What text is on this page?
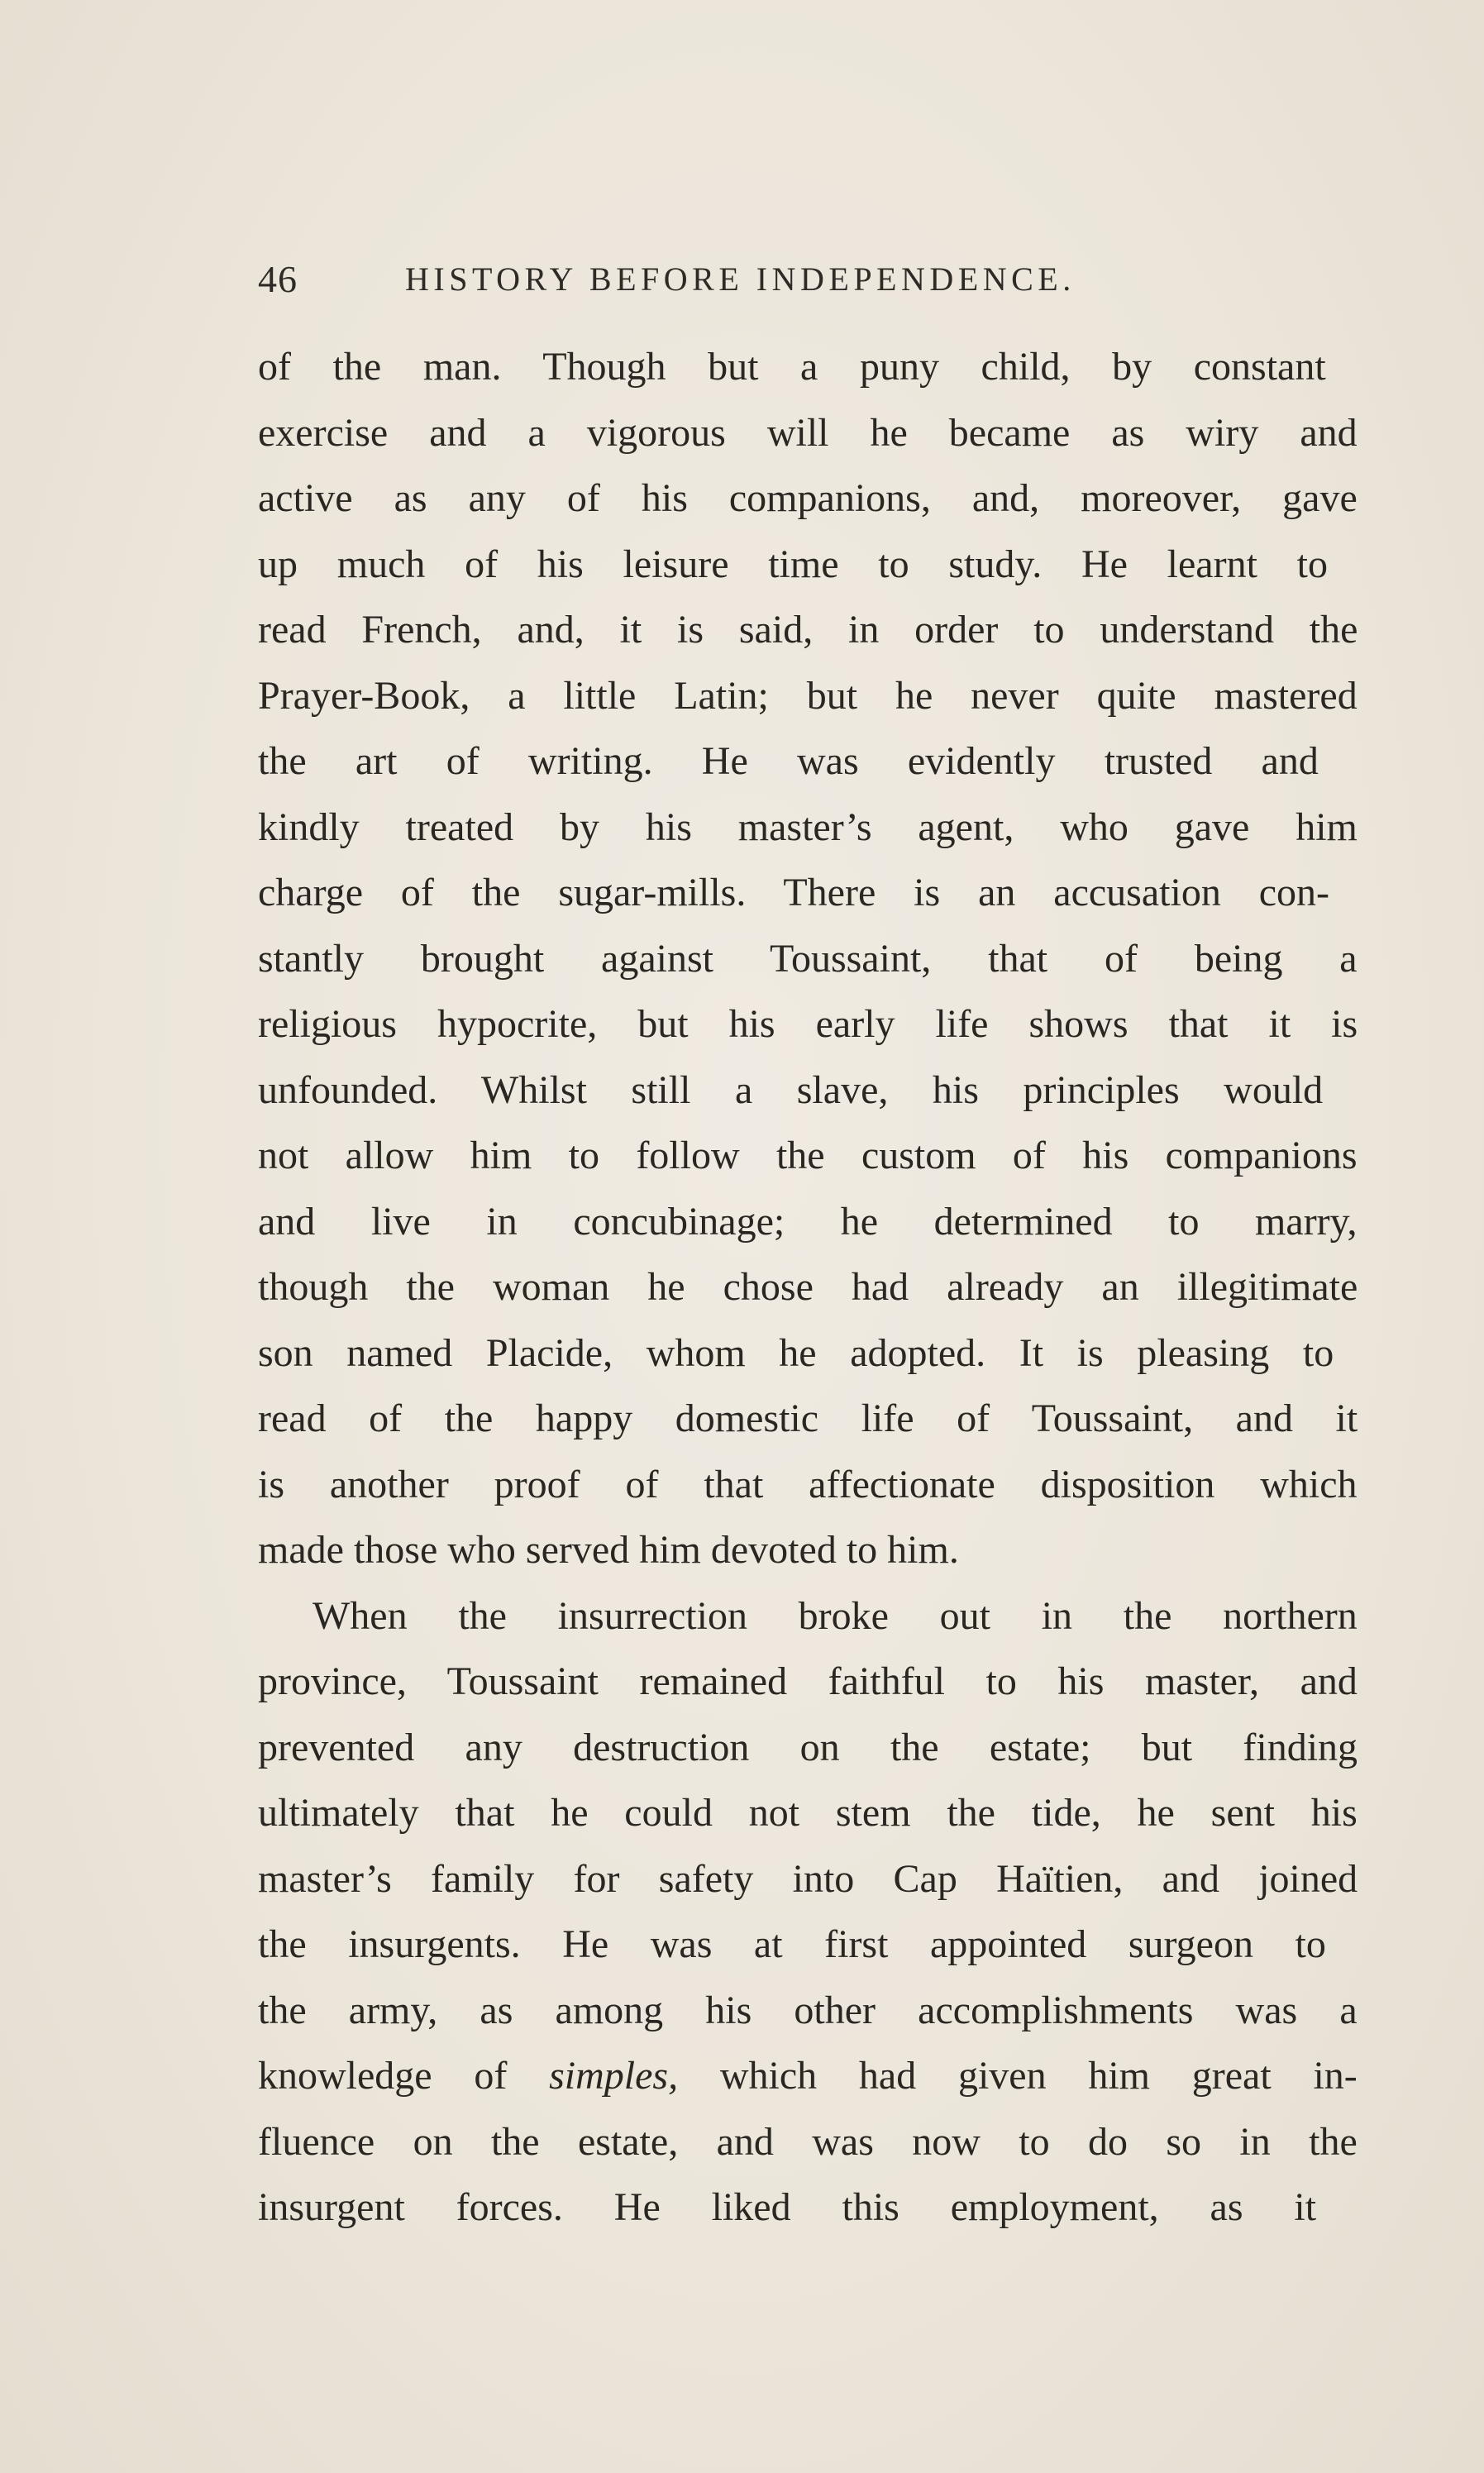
46	HISTORY BEFORE INDEPENDENCE.
of the man. Though but a puny child, by constant
exercise and a vigorous will he became as wiry and
active as any of his companions, and, moreover, gave
up much of his leisure time to study. He learnt to
read French, and, it is said, in order to understand the
Prayer-Book, a little Latin; but he never quite mastered
the art of writing. He was evidently trusted and
kindly treated by his master’s agent, who gave him
charge of the sugar-mills. There is an accusation con-
stantly brought against Toussaint, that of being a
religious hypocrite, but his early life shows that it is
unfounded. Whilst still a slave, his principles would
not allow him to follow the custom of his companions
and live in concubinage; he determined to marry,
though the woman he chose had already an illegitimate
son named Placide, whom he adopted. It is pleasing to
read of the happy domestic life of Toussaint, and it
is another proof of that affectionate disposition which
made those who served him devoted to him.
When the insurrection broke out in the northern
province, Toussaint remained faithful to his master, and
prevented any destruction on the estate; but finding
ultimately that he could not stem the tide, he sent his
master’s family for safety into Cap Haïtien, and joined
the insurgents. He was at first appointed surgeon to
the army, as among his other accomplishments was a
knowledge of simples, which had given him great in-
fluence on the estate, and was now to do so in the
insurgent forces. He liked this employment, as it
